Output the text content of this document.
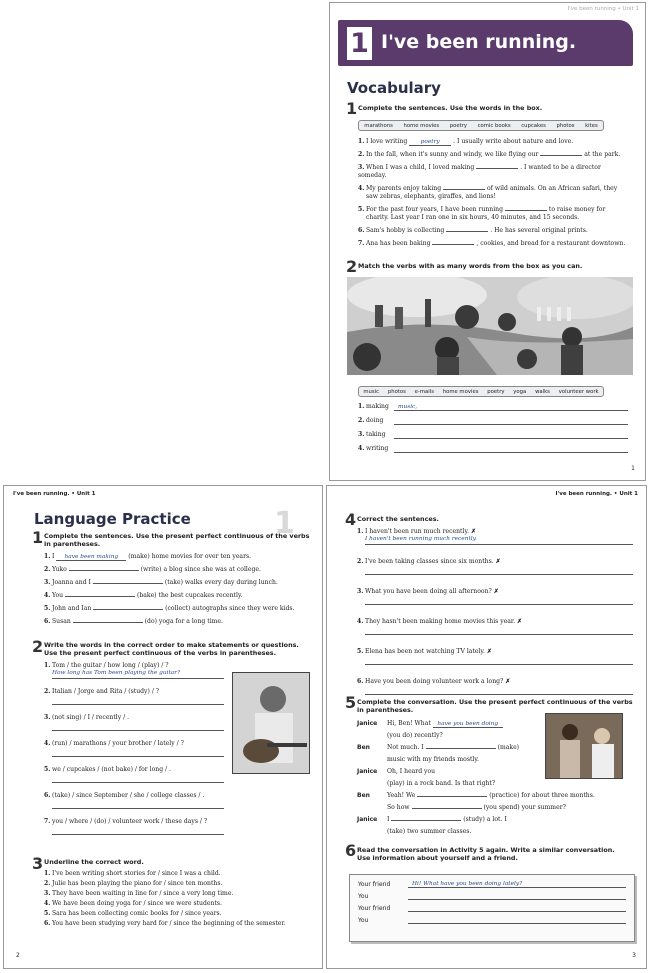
I've been running • Unit 1
1 I've been running.
Vocabulary
1 Complete the sentences. Use the words in the box.
marathons home movies poetry comic books cupcakes photos kites
1. I love writing poetry . I usually write about nature and love.
2. In the fall, when it's sunny and windy, we like flying our	at the park.
3. When I was a child, I loved making	. I wanted to be a director someday.
4. My parents enjoy taking	of wild animals. On an African safari, they
saw zebras, elephants, giraffes, and lions!
5. For the past four years, I have been running	to raise money for
charity. Last year I ran one in six hours, 40 minutes, and 15 seconds.
6. Sam's hobby is collecting	. He has several original prints.
7. Ana has been baking	, cookies, and bread for a restaurant downtown.
2 Match the verbs with as many words from the box as you can.
music photos e-mails home movies poetry yoga walks volunteer work
1. making	music,
2. doing
3. taking
4. writing
1
I've been running. • Unit 1
1
Language Practice
1 Complete the sentences. Use the present perfect continuous of the verbs
in parentheses.
1. I have been making (make) home movies for over ten years.
2. Yuko	(write) a blog since she was at college.
3. Joanna and I	(take) walks every day during lunch.
4. You	(bake) the best cupcakes recently.
5. John and Ian	(collect) autographs since they were kids.
6. Susan	(do) yoga for a long time.
2 Write the words in the correct order to make statements or questions.
Use the present perfect continuous of the verbs in parentheses.
1. Tom / the guitar / how long / (play) / ?
How long has Tom been playing the guitar?
2. Italian / Jorge and Rita / (study) / ?
3. (not sing) / I / recently / .
4. (run) / marathons / your brother / lately / ?
5. we / cupcakes / (not bake) / for long / .
6. (take) / since September / she / college classes / .
7. you / where / (do) / volunteer work / these days / ?
3 Underline the correct word.
1. I've been writing short stories for / since I was a child.
2. Julie has been playing the piano for / since ten months.
3. They have been waiting in line for / since a very long time.
4. We have been doing yoga for / since we were students.
5. Sara has been collecting comic books for / since years.
6. You have been studying very hard for / since the beginning of the semester.
2
I've been running. • Unit 1
4 Correct the sentences.
1. I haven't been run much recently. ✗
I haven't been running much recently.
2. I've been taking classes since six months. ✗
3. What you have been doing all afternoon? ✗
4. They hasn't been making home movies this year. ✗
5. Elena has been not watching TV lately. ✗
6. Have you been doing volunteer work a long? ✗
5 Complete the conversation. Use the present perfect continuous of the verbs
in parentheses.
Janice Hi, Ben! What have you been doing
(you do) recently?
Ben	Not much. I	(make)
music with my friends mostly.
Janice Oh, I heard you
(play) in a rock band. Is that right?
Ben	Yeah! We	(practice) for about three months.
So how	(you spend) your summer?
Janice I	(study) a lot. I
(take) two summer classes.
6 Read the conversation in Activity 5 again. Write a similar conversation.
Use information about yourself and a friend.
Your friend	Hi! What have you been doing lately?
You
Your friend
You
3
